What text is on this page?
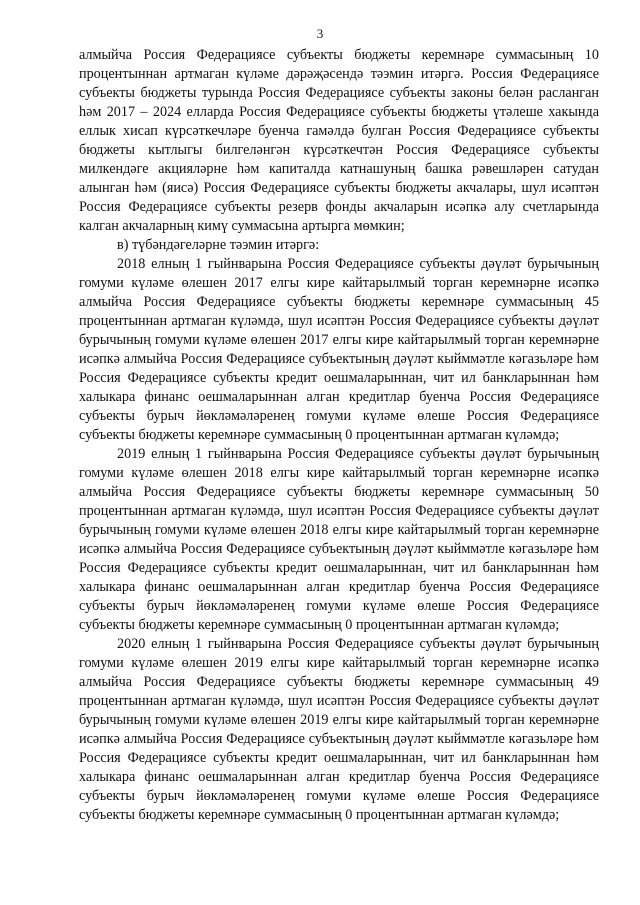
3

алмыйча Россия Федерациясе субъекты бюджеты керемнәре суммасының 10 процентыннан артмаган күләме дәрәҗәсендә тәэмин итәргә. Россия Федерациясе субъекты бюджеты турында Россия Федерациясе субъекты законы белән расланган һәм 2017 – 2024 елларда Россия Федерациясе субъекты бюджеты үтәлеше хакында еллык хисап күрсәткечләре буенча гамәлдә булган Россия Федерациясе субъекты бюджеты кытлыгы билгеләнгән күрсәткечтән Россия Федерациясе субъекты милкендәге акцияләрне һәм капиталда катнашуның башка рәвешләрен сатудан алынган һәм (яисә) Россия Федерациясе субъекты бюджеты акчалары, шул исәптән Россия Федерациясе субъекты резерв фонды акчаларын исәпкә алу счетларында калган акчаларның кимү суммасына артырга мөмкин;

в) түбәндәгеләрне тәэмин итәргә:

2018 елның 1 гыйнварына Россия Федерациясе субъекты дәүләт бурычының гомуми күләме өлешен 2017 елгы кире кайтарылмый торган керемнәрне исәпкә алмыйча Россия Федерациясе субъекты бюджеты керемнәре суммасының 45 процентыннан артмаган күләмдә, шул исәптән Россия Федерациясе субъекты дәүләт бурычының гомуми күләме өлешен 2017 елгы кире кайтарылмый торган керемнәрне исәпкә алмыйча Россия Федерациясе субъектының дәүләт кыйммәтле кәгазьләре һәм Россия Федерациясе субъекты кредит оешмаларыннан, чит ил банкларыннан һәм халыкара финанс оешмаларыннан алган кредитлар буенча Россия Федерациясе субъекты бурыч йөкләмәләренең гомуми күләме өлеше Россия Федерациясе субъекты бюджеты керемнәре суммасының 0 процентыннан артмаган күләмдә;

2019 елның 1 гыйнварына Россия Федерациясе субъекты дәүләт бурычының гомуми күләме өлешен 2018 елгы кире кайтарылмый торган керемнәрне исәпкә алмыйча Россия Федерациясе субъекты бюджеты керемнәре суммасының 50 процентыннан артмаган күләмдә, шул исәптән Россия Федерациясе субъекты дәүләт бурычының гомуми күләме өлешен 2018 елгы кире кайтарылмый торган керемнәрне исәпкә алмыйча Россия Федерациясе субъектының дәүләт кыйммәтле кәгазьләре һәм Россия Федерациясе субъекты кредит оешмаларыннан, чит ил банкларыннан һәм халыкара финанс оешмаларыннан алган кредитлар буенча Россия Федерациясе субъекты бурыч йөкләмәләренең гомуми күләме өлеше Россия Федерациясе субъекты бюджеты керемнәре суммасының 0 процентыннан артмаган күләмдә;

2020 елның 1 гыйнварына Россия Федерациясе субъекты дәүләт бурычының гомуми күләме өлешен 2019 елгы кире кайтарылмый торган керемнәрне исәпкә алмыйча Россия Федерациясе субъекты бюджеты керемнәре суммасының 49 процентыннан артмаган күләмдә, шул исәптән Россия Федерациясе субъекты дәүләт бурычының гомуми күләме өлешен 2019 елгы кире кайтарылмый торган керемнәрне исәпкә алмыйча Россия Федерациясе субъектының дәүләт кыйммәтле кәгазьләре һәм Россия Федерациясе субъекты кредит оешмаларыннан, чит ил банкларыннан һәм халыкара финанс оешмаларыннан алган кредитлар буенча Россия Федерациясе субъекты бурыч йөкләмәләренең гомуми күләме өлеше Россия Федерациясе субъекты бюджеты керемнәре суммасының 0 процентыннан артмаган күләмдә;
